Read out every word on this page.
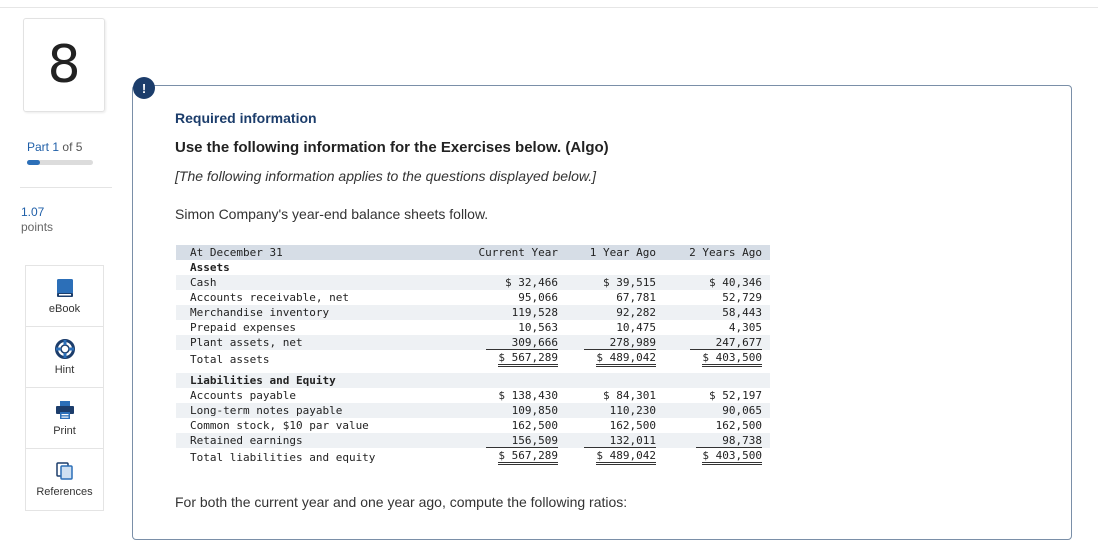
8
Part 1 of 5
1.07
points
eBook
Hint
Print
References
!
Required information
Use the following information for the Exercises below. (Algo)
[The following information applies to the questions displayed below.]
Simon Company's year-end balance sheets follow.
At December 31	Current Year	1 Year Ago	2 Years Ago
Assets
Cash	$ 32,466	$ 39,515	$ 40,346
Accounts receivable, net	95,066	67,781	52,729
Merchandise inventory	119,528	92,282	58,443
Prepaid expenses	10,563	10,475	4,305
Plant assets, net	309,666	278,989	247,677
Total assets	$ 567,289	$ 489,042	$ 403,500
Liabilities and Equity
Accounts payable	$ 138,430	$ 84,301	$ 52,197
Long-term notes payable	109,850	110,230	90,065
Common stock, $10 par value	162,500	162,500	162,500
Retained earnings	156,509	132,011	98,738
Total liabilities and equity	$ 567,289	$ 489,042	$ 403,500
For both the current year and one year ago, compute the following ratios:
